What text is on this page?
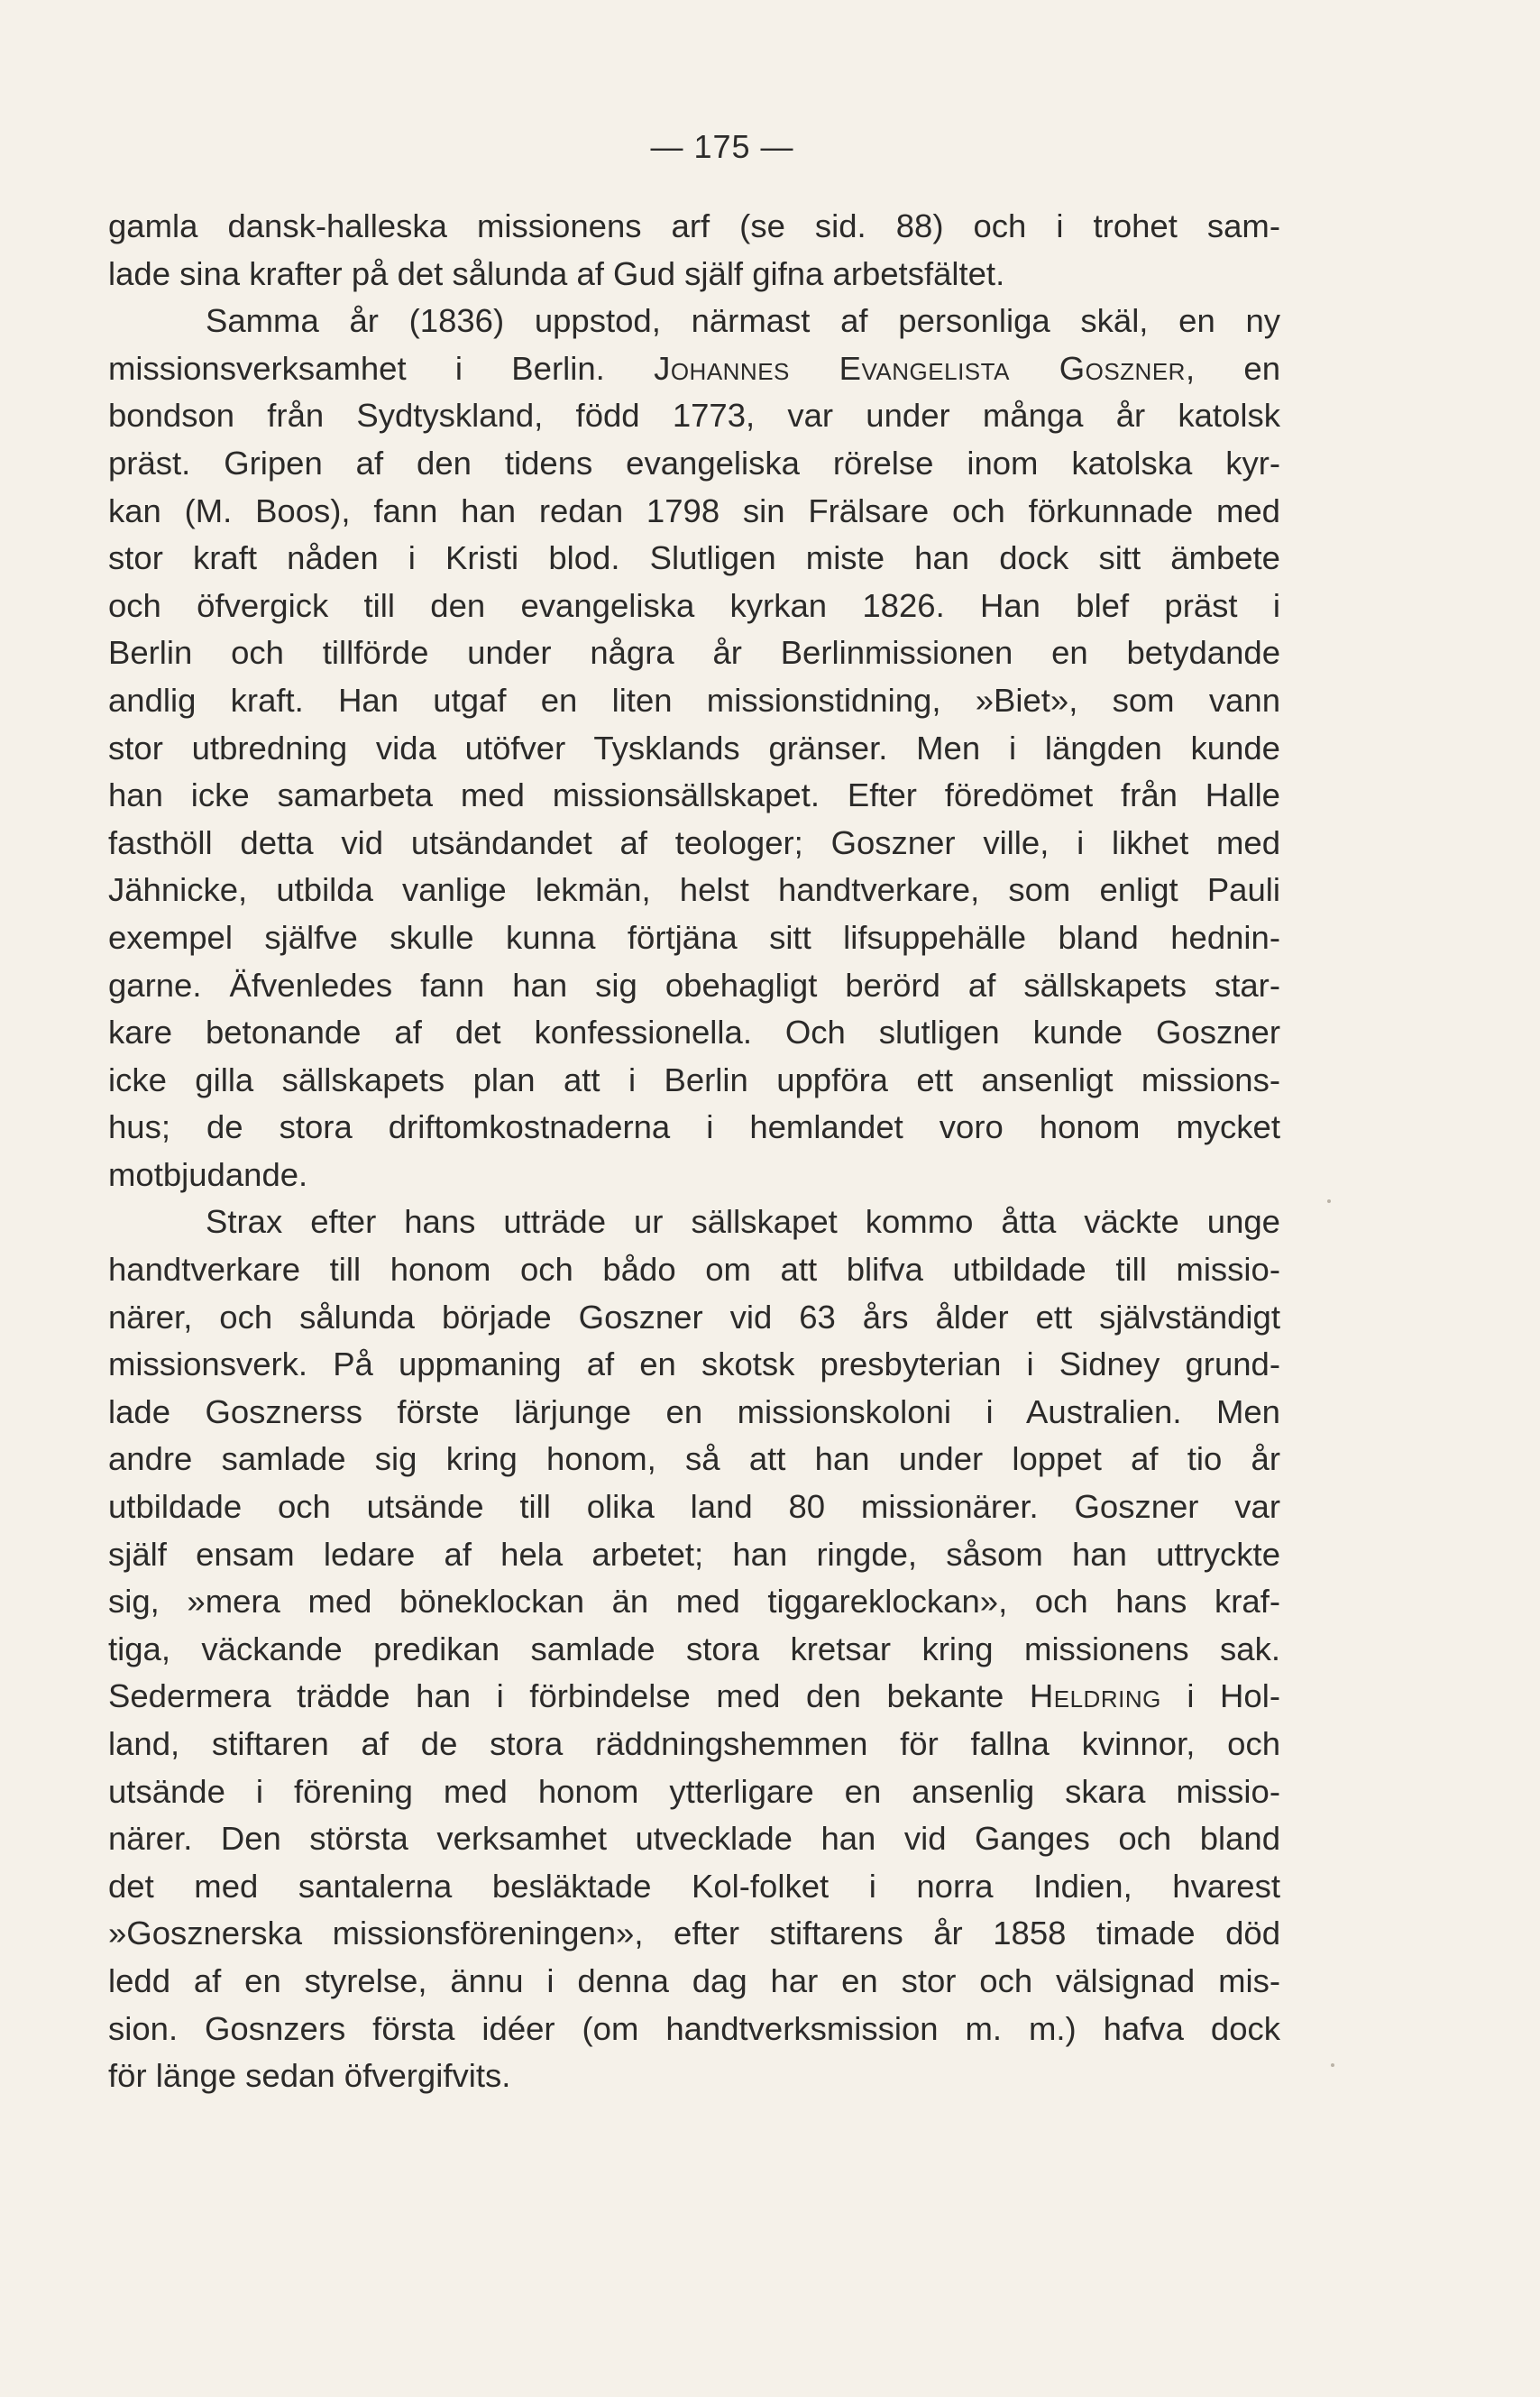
— 175 —
gamla dansk-halleska missionens arf (se sid. 88) och i trohet sam-
lade sina krafter på det sålunda af Gud själf gifna arbetsfältet.
Samma år (1836) uppstod, närmast af personliga skäl, en ny
missionsverksamhet i Berlin. Johannes Evangelista Goszner, en
bondson från Sydtyskland, född 1773, var under många år katolsk
präst. Gripen af den tidens evangeliska rörelse inom katolska kyr-
kan (M. Boos), fann han redan 1798 sin Frälsare och förkunnade med
stor kraft nåden i Kristi blod. Slutligen miste han dock sitt ämbete
och öfvergick till den evangeliska kyrkan 1826. Han blef präst i
Berlin och tillförde under några år Berlinmissionen en betydande
andlig kraft. Han utgaf en liten missionstidning, »Biet», som vann
stor utbredning vida utöfver Tysklands gränser. Men i längden kunde
han icke samarbeta med missionsällskapet. Efter föredömet från Halle
fasthöll detta vid utsändandet af teologer; Goszner ville, i likhet med
Jähnicke, utbilda vanlige lekmän, helst handtverkare, som enligt Pauli
exempel själfve skulle kunna förtjäna sitt lifsuppehälle bland hednin-
garne. Äfvenledes fann han sig obehagligt berörd af sällskapets star-
kare betonande af det konfessionella. Och slutligen kunde Goszner
icke gilla sällskapets plan att i Berlin uppföra ett ansenligt missions-
hus; de stora driftomkostnaderna i hemlandet voro honom mycket
motbjudande.
Strax efter hans utträde ur sällskapet kommo åtta väckte unge
handtverkare till honom och bådo om att blifva utbildade till missio-
närer, och sålunda började Goszner vid 63 års ålder ett självständigt
missionsverk. På uppmaning af en skotsk presbyterian i Sidney grund-
lade Gosznerss förste lärjunge en missionskoloni i Australien. Men
andre samlade sig kring honom, så att han under loppet af tio år
utbildade och utsände till olika land 80 missionärer. Goszner var
själf ensam ledare af hela arbetet; han ringde, såsom han uttryckte
sig, »mera med böneklockan än med tiggareklockan», och hans kraf-
tiga, väckande predikan samlade stora kretsar kring missionens sak.
Sedermera trädde han i förbindelse med den bekante Heldring i Hol-
land, stiftaren af de stora räddningshemmen för fallna kvinnor, och
utsände i förening med honom ytterligare en ansenlig skara missio-
närer. Den största verksamhet utvecklade han vid Ganges och bland
det med santalerna besläktade Kol-folket i norra Indien, hvarest
»Gosznerska missionsföreningen», efter stiftarens år 1858 timade död
ledd af en styrelse, ännu i denna dag har en stor och välsignad mis-
sion. Gosnzers första idéer (om handtverksmission m. m.) hafva dock
för länge sedan öfvergifvits.
